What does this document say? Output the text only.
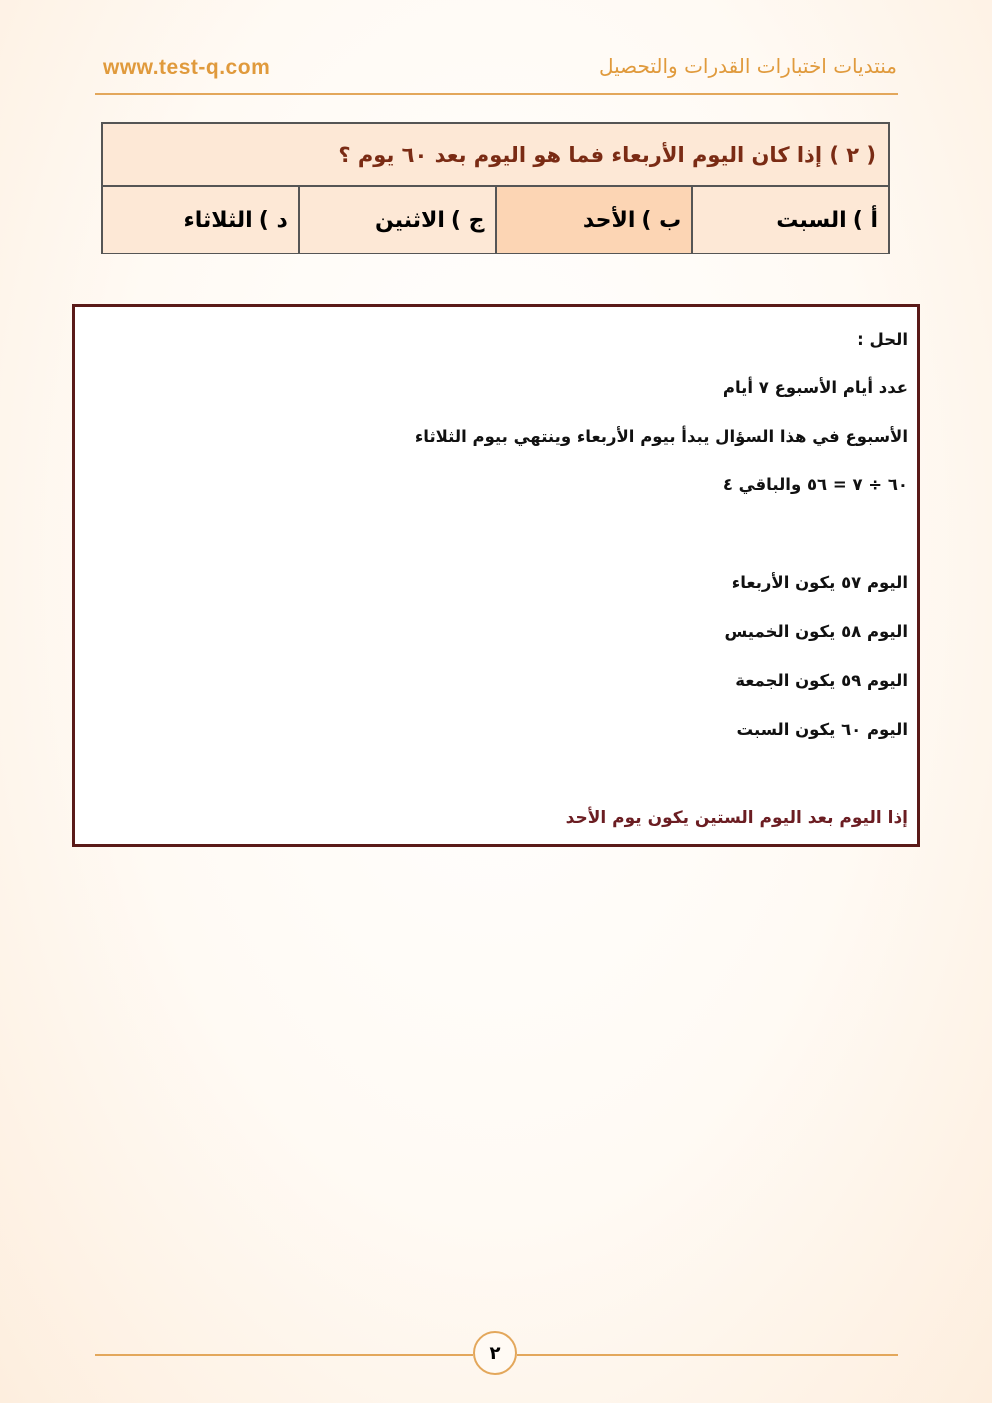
www.test-q.com	منتديات اختبارات القدرات والتحصيل
( ٢ ) إذا كان اليوم الأربعاء فما هو اليوم بعد ٦٠ يوم ؟
أ )
السبت
ب )
الأحد
ج )
الاثنين
د )
الثلاثاء
الحل :
عدد أيام الأسبوع ٧ أيام
الأسبوع في هذا السؤال يبدأ بيوم الأربعاء وينتهي بيوم الثلاثاء
٦٠ ÷ ٧ = ٥٦ والباقي ٤
اليوم ٥٧ يكون الأربعاء
اليوم ٥٨ يكون الخميس
اليوم ٥٩ يكون الجمعة
اليوم ٦٠ يكون السبت
إذا اليوم بعد اليوم الستين يكون يوم الأحد
٢
